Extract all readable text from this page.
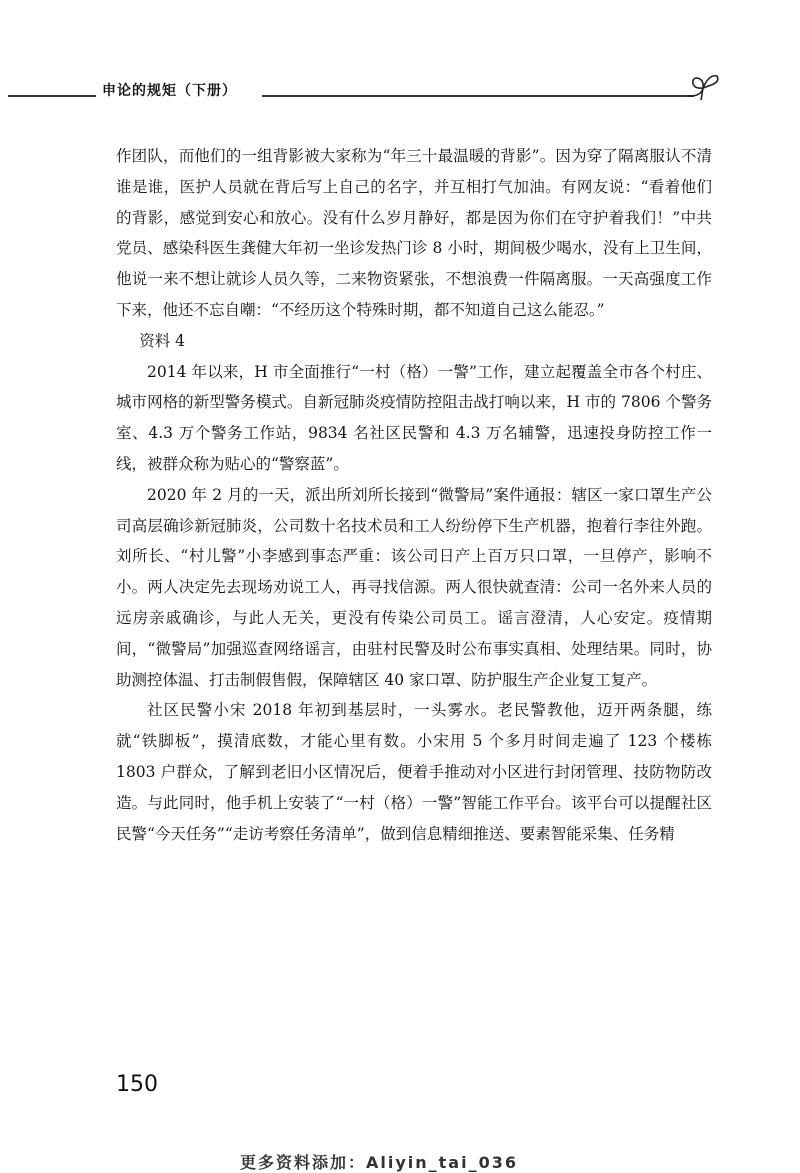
申论的规矩（下册）

作团队，而他们的一组背影被大家称为“年三十最温暖的背影”。因为穿了隔离服认不清谁是谁，医护人员就在背后写上自己的名字，并互相打气加油。有网友说：“看着他们的背影，感觉到安心和放心。没有什么岁月静好，都是因为你们在守护着我们！”中共党员、感染科医生龚健大年初一坐诊发热门诊 8 小时，期间极少喝水，没有上卫生间，他说一来不想让就诊人员久等，二来物资紧张，不想浪费一件隔离服。一天高强度工作下来，他还不忘自嘲：“不经历这个特殊时期，都不知道自己这么能忍。”

资料 4

2014 年以来，H 市全面推行“一村（格）一警”工作，建立起覆盖全市各个村庄、城市网格的新型警务模式。自新冠肺炎疫情防控阻击战打响以来，H 市的 7806 个警务室、4.3 万个警务工作站，9834 名社区民警和 4.3 万名辅警，迅速投身防控工作一线，被群众称为贴心的“警察蓝”。

2020 年 2 月的一天，派出所刘所长接到“微警局”案件通报：辖区一家口罩生产公司高层确诊新冠肺炎，公司数十名技术员和工人纷纷停下生产机器，抱着行李往外跑。刘所长、“村儿警”小李感到事态严重：该公司日产上百万只口罩，一旦停产，影响不小。两人决定先去现场劝说工人，再寻找信源。两人很快就查清：公司一名外来人员的远房亲戚确诊，与此人无关，更没有传染公司员工。谣言澄清，人心安定。疫情期间，“微警局”加强巡查网络谣言，由驻村民警及时公布事实真相、处理结果。同时，协助测控体温、打击制假售假，保障辖区 40 家口罩、防护服生产企业复工复产。

社区民警小宋 2018 年初到基层时，一头雾水。老民警教他，迈开两条腿，练就“铁脚板”，摸清底数，才能心里有数。小宋用 5 个多月时间走遍了 123 个楼栋 1803 户群众，了解到老旧小区情况后，便着手推动对小区进行封闭管理、技防物防改造。与此同时，他手机上安装了“一村（格）一警”智能工作平台。该平台可以提醒社区民警“今天任务”“走访考察任务清单”，做到信息精细推送、要素智能采集、任务精

150
更多资料添加：Aliyin_tai_036
